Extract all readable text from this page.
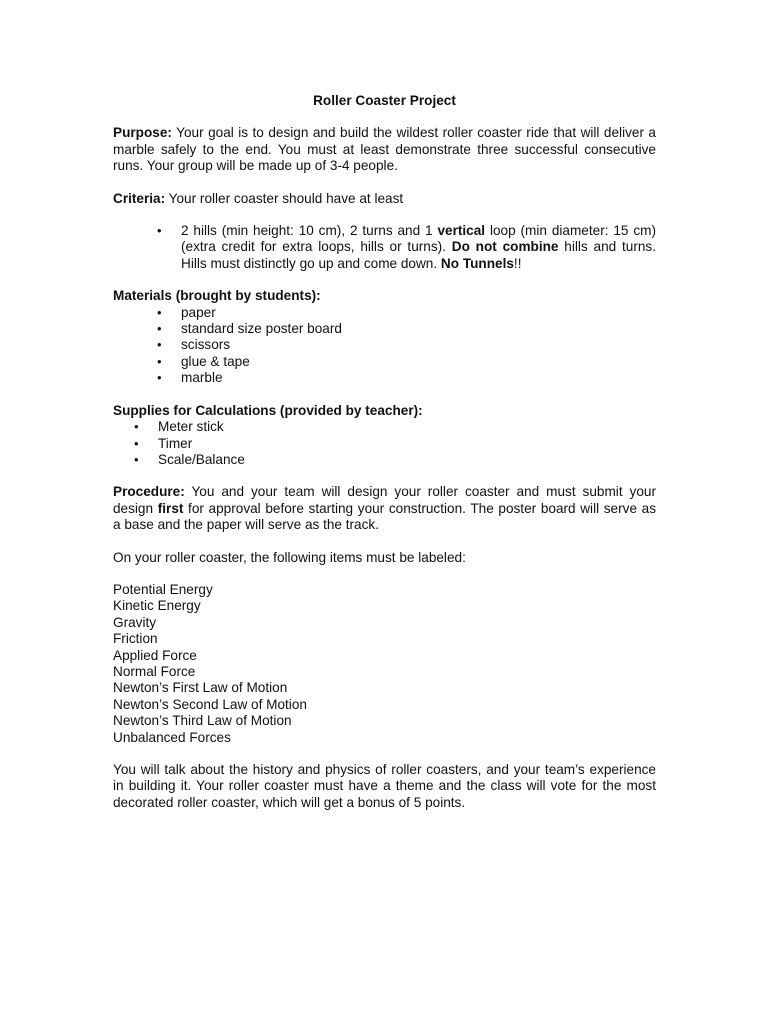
Roller Coaster Project

Purpose: Your goal is to design and build the wildest roller coaster ride that will deliver a marble safely to the end. You must at least demonstrate three successful consecutive runs. Your group will be made up of 3-4 people.

Criteria: Your roller coaster should have at least

• 2 hills (min height: 10 cm), 2 turns and 1 vertical loop (min diameter: 15 cm) (extra credit for extra loops, hills or turns). Do not combine hills and turns. Hills must distinctly go up and come down. No Tunnels!!
Materials (brought by students):
• paper
• standard size poster board
• scissors
• glue & tape
• marble
Supplies for Calculations (provided by teacher):
• Meter stick
• Timer
• Scale/Balance

Procedure: You and your team will design your roller coaster and must submit your design first for approval before starting your construction. The poster board will serve as a base and the paper will serve as the track.

On your roller coaster, the following items must be labeled:

Potential Energy
Kinetic Energy
Gravity
Friction
Applied Force
Normal Force
Newton’s First Law of Motion
Newton’s Second Law of Motion
Newton’s Third Law of Motion
Unbalanced Forces

You will talk about the history and physics of roller coasters, and your team’s experience in building it. Your roller coaster must have a theme and the class will vote for the most decorated roller coaster, which will get a bonus of 5 points.
